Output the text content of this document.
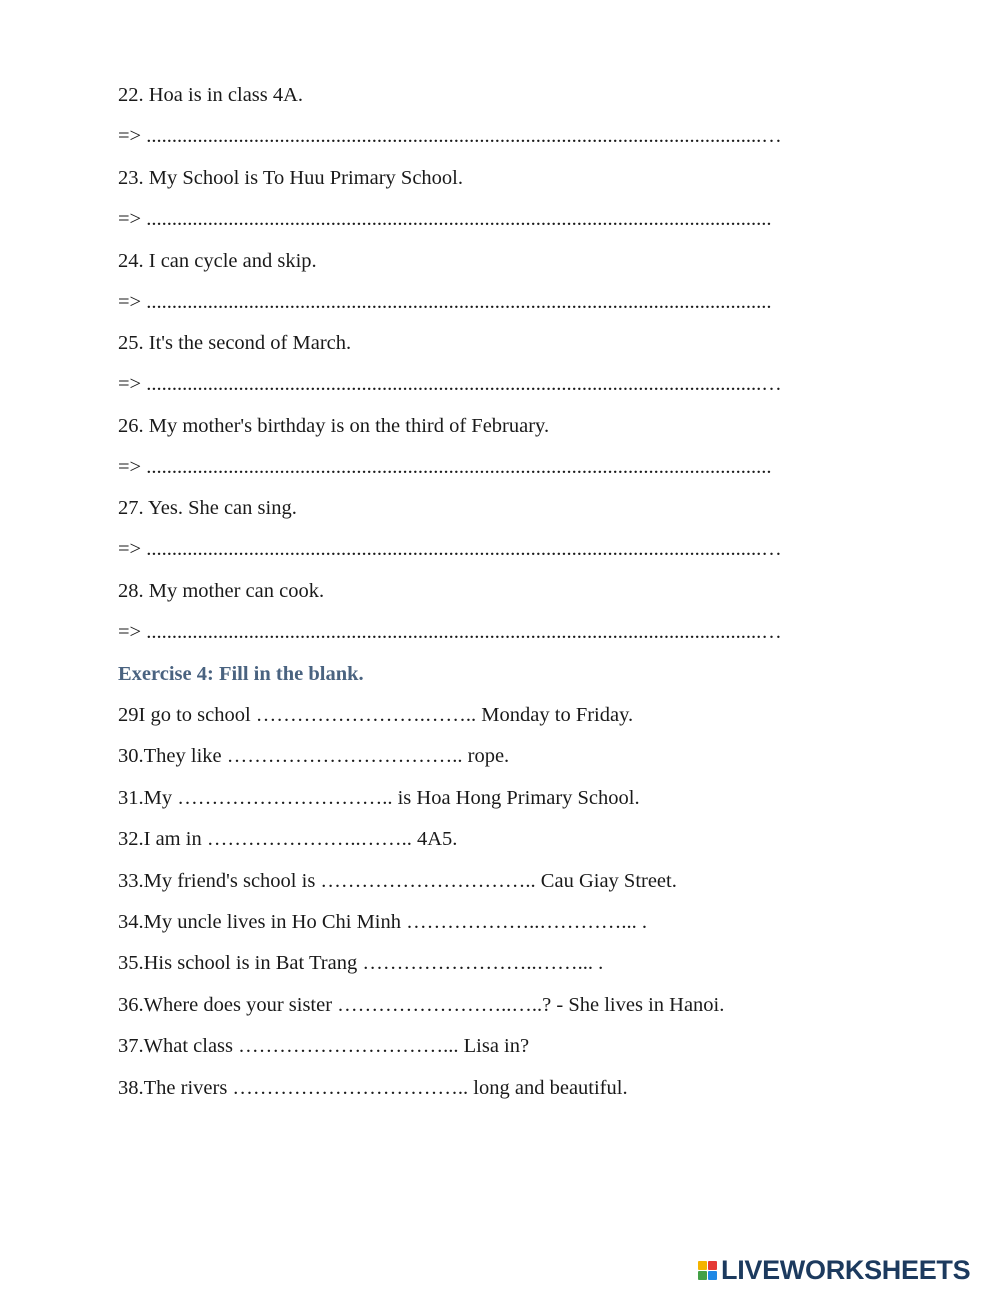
22. Hoa is in class 4A.

=> ........................................................................................................................…

23. My School is To Huu Primary School.

=> ..........................................................................................................................

24. I can cycle and skip.

=> ..........................................................................................................................

25. It's the second of March.

=> ........................................................................................................................…

26. My mother's birthday is on the third of February.

=> ..........................................................................................................................

27. Yes. She can sing.

=> ........................................................................................................................…

28. My mother can cook.

=> ........................................................................................................................…

Exercise 4: Fill in the blank.

29I go to school …………………….…….. Monday to Friday.

30.They like …………………………….. rope.

31.My ………………………….. is Hoa Hong Primary School.

32.I am in …………………..…….. 4A5.

33.My friend's school is ………………………….. Cau Giay Street.

34.My uncle lives in Ho Chi Minh ………………..…………... .

35.His school is in Bat Trang ……………………..……... .

36.Where does your sister ……………………..…..? - She lives in Hanoi.

37.What class …………………………... Lisa in?

38.The rivers …………………………….. long and beautiful.

LIVEWORKSHEETS
